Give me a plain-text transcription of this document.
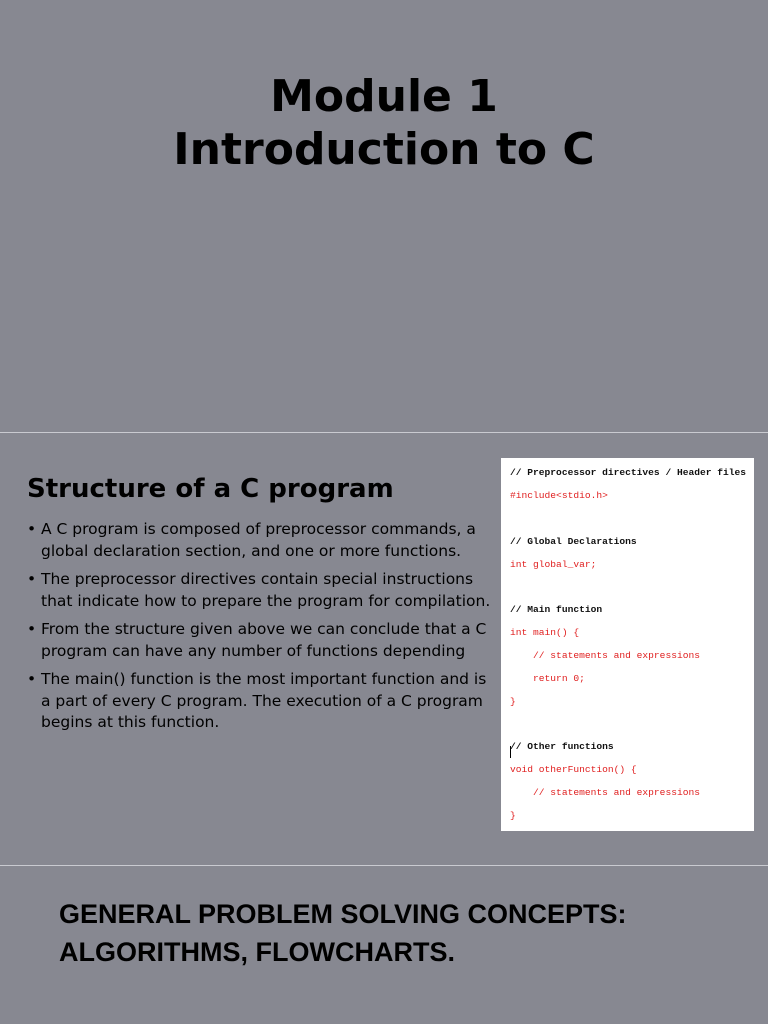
Module 1
Introduction to C
Structure of a C program
• A C program is composed of preprocessor commands, a global declaration section, and one or more functions.
• The preprocessor directives contain special instructions that indicate how to prepare the program for compilation.
• From the structure given above we can conclude that a C program can have any number of functions depending
• The main() function is the most important function and is a part of every C program. The execution of a C program begins at this function.
// Preprocessor directives / Header files
#include<stdio.h>
// Global Declarations
int global_var;
// Main function
int main() {
// statements and expressions
return 0;
}
// Other functions
void otherFunction() {
// statements and expressions
}
GENERAL PROBLEM SOLVING CONCEPTS:
ALGORITHMS, FLOWCHARTS.
